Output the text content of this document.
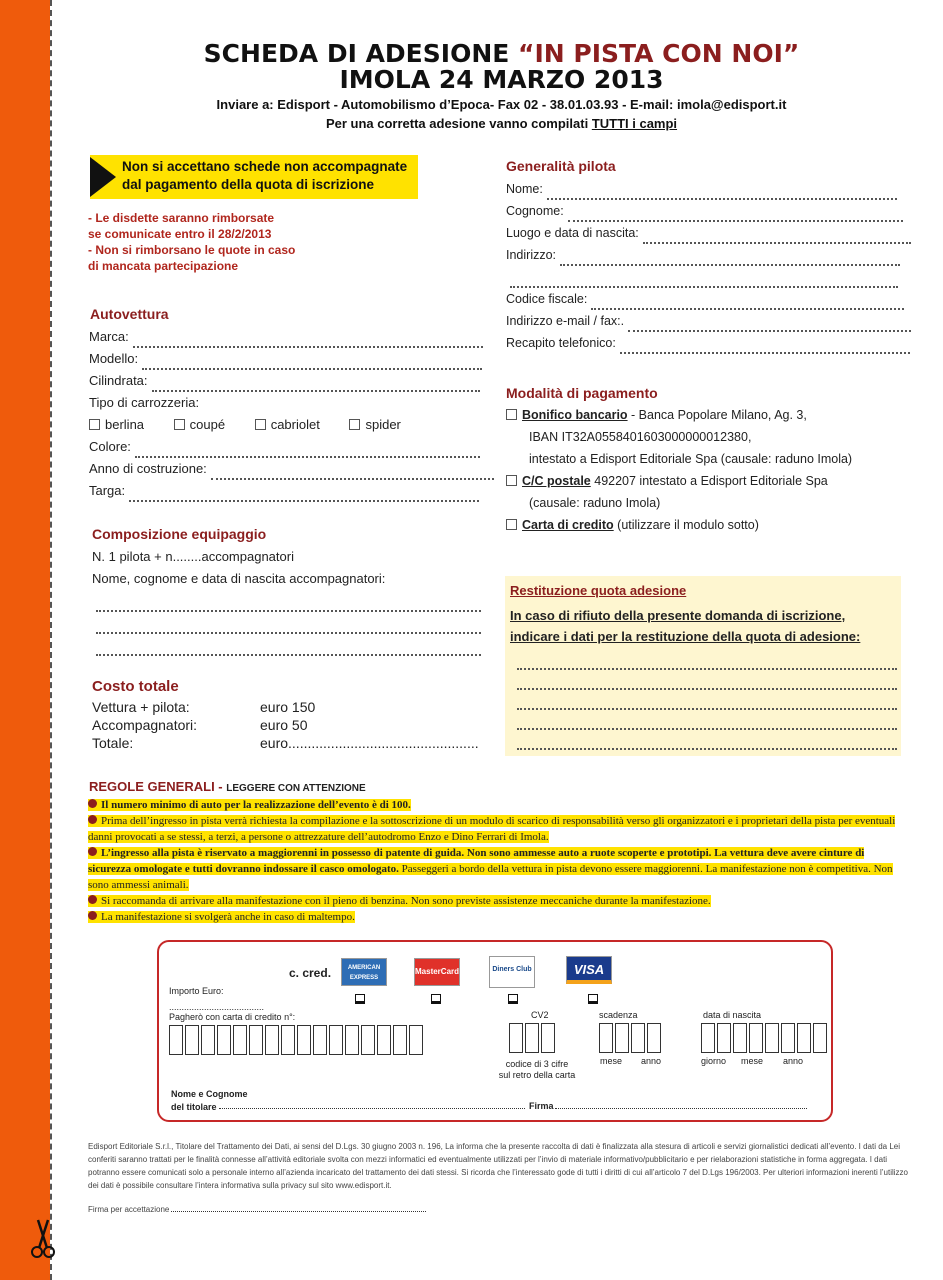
SCHEDA DI ADESIONE “IN PISTA CON NOI”
IMOLA 24 MARZO 2013
Inviare a: Edisport - Automobilismo d’Epoca- Fax 02 - 38.01.03.93 - E-mail: imola@edisport.it
Per una corretta adesione vanno compilati TUTTI i campi
Non si accettano schede non accompagnate
dal pagamento della quota di iscrizione
- Le disdette saranno rimborsate
se comunicate entro il 28/2/2013
- Non si rimborsano le quote in caso
di mancata partecipazione
Autovettura
Marca:
Modello:
Cilindrata:
Tipo di carrozzeria:
berlina	coupé	cabriolet	spider
Colore:
Anno di costruzione:
Targa:
Composizione equipaggio
N. 1 pilota + n........accompagnatori
Nome, cognome e data di nascita accompagnatori:
Costo totale
Vettura + pilota:	euro 150
Accompagnatori:	euro 50
Totale:	euro.................................................
Generalità pilota
Nome:
Cognome:
Luogo e data di nascita:
Indirizzo:
Codice fiscale:
Indirizzo e-mail / fax:.
Recapito telefonico:
Modalità di pagamento
Bonifico bancario - Banca Popolare Milano, Ag. 3,
IBAN IT32A0558401603000000012380,
intestato a Edisport Editoriale Spa (causale: raduno Imola)
C/C postale 492207 intestato a Edisport Editoriale Spa
(causale: raduno Imola)
Carta di credito (utilizzare il modulo sotto)
Restituzione quota adesione
In caso di rifiuto della presente domanda di iscrizione,
indicare i dati per la restituzione della quota di adesione:
REGOLE GENERALI - LEGGERE CON ATTENZIONE
Il numero minimo di auto per la realizzazione dell’evento è di 100.
Prima dell’ingresso in pista verrà richiesta la compilazione e la sottoscrizione di un modulo di scarico di responsabilità verso gli organizzatori e i proprietari della pista per eventuali danni provocati a se stessi, a terzi, a persone o attrezzature dell’autodromo Enzo e Dino Ferrari di Imola.
L’ingresso alla pista è riservato a maggiorenni in possesso di patente di guida. Non sono ammesse auto a ruote scoperte e prototipi. La vettura deve avere cinture di sicurezza omologate e tutti dovranno indossare il casco omologato. Passeggeri a bordo della vettura in pista devono essere maggiorenni. La manifestazione non è competitiva. Non sono ammessi animali.
Si raccomanda di arrivare alla manifestazione con il pieno di benzina. Non sono previste assistenze meccaniche durante la manifestazione.
La manifestazione si svolgerà anche in caso di maltempo.
c. cred.	AMERICAN EXPRESS
MasterCard	Diners Club	VISA
Importo Euro:
......................................
Pagherò con carta di credito n°:	CV2
codice di 3 cifre
sul retro della carta
scadenza
mese anno
data di nascita
giorno mese anno
Nome e Cognome
del titolare	Firma
Edisport Editoriale S.r.l., Titolare del Trattamento dei Dati, ai sensi del D.Lgs. 30 giugno 2003 n. 196, La informa che la presente raccolta di dati è finalizzata alla stesura di articoli e servizi giornalistici dedicati all’evento. I dati da Lei conferiti saranno trattati per le finalità connesse all’attività editoriale svolta con mezzi informatici ed eventualmente utilizzati per l’invio di materiale informativo/pubblicitario e per rielaborazioni statistiche in forma aggregata. I dati potranno essere comunicati solo a personale interno all’azienda incaricato del trattamento dei dati stessi. Si ricorda che l’interessato gode di tutti i diritti di cui all’articolo 7 del D.Lgs 196/2003. Per ulteriori informazioni inerenti l’utilizzo dei dati è possibile consultare l’intera informativa sulla privacy sul sito www.edisport.it.
Firma per accettazione
